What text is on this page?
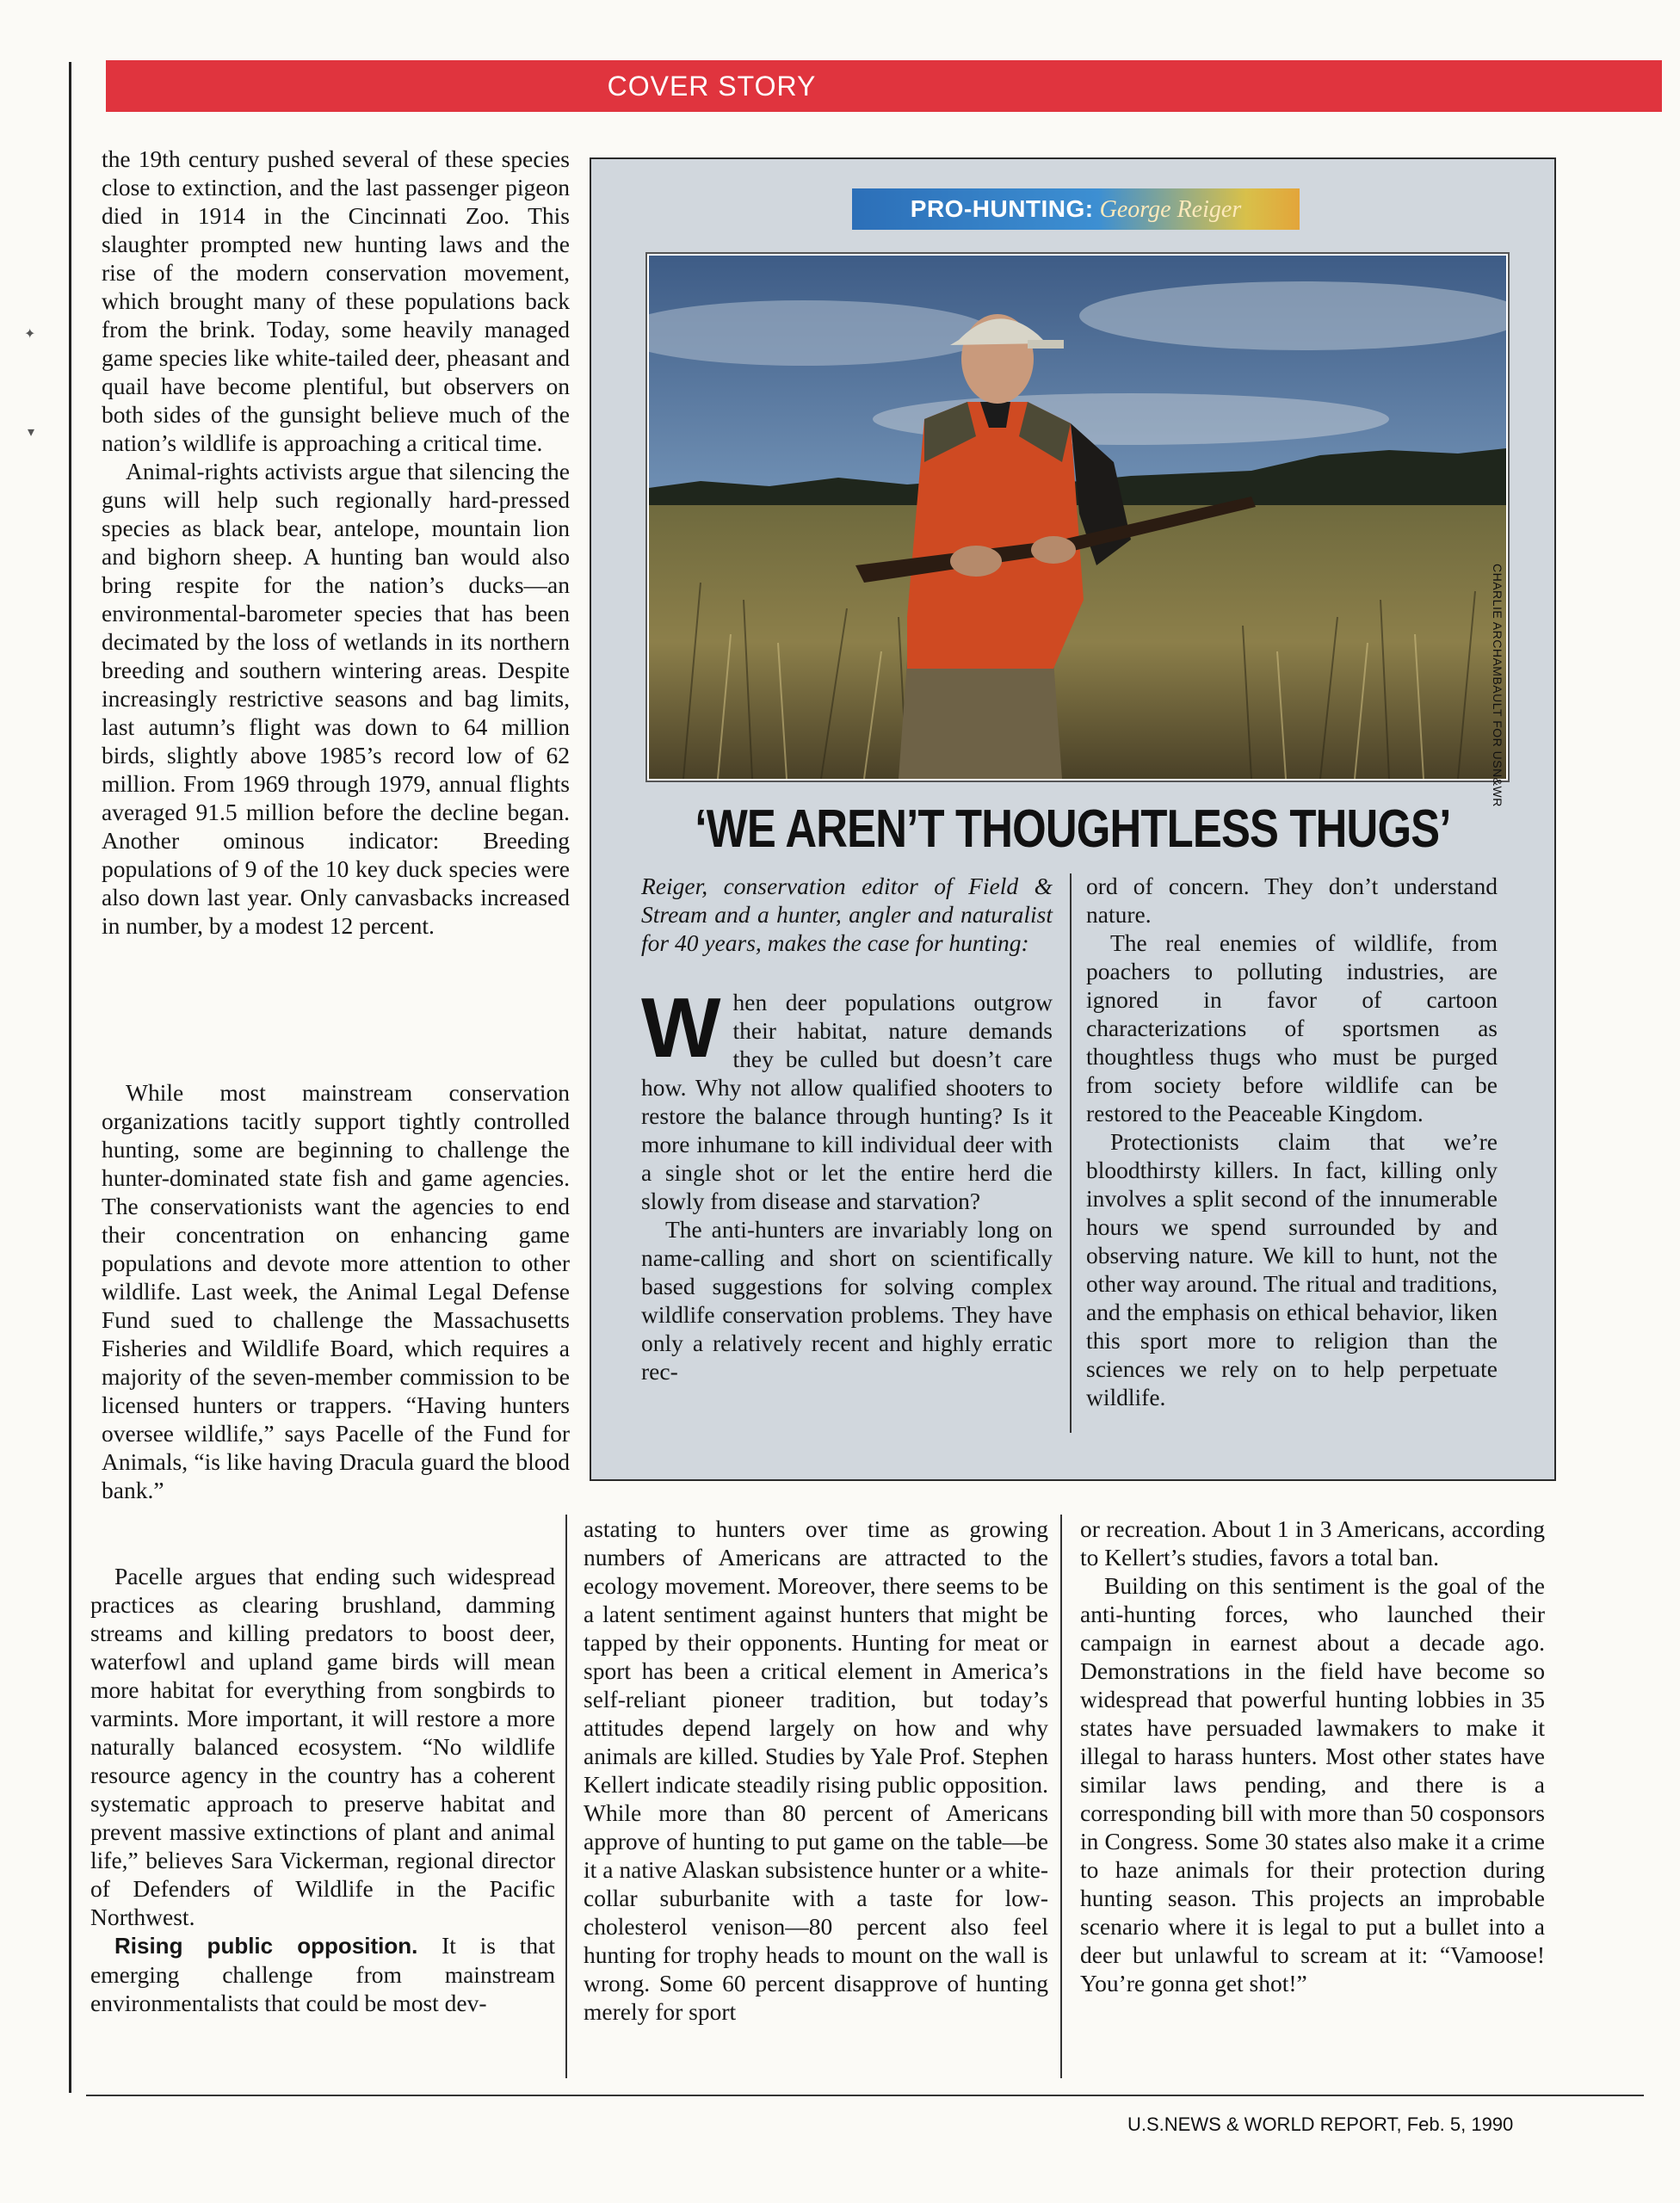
✦
▾
COVER STORY

the 19th century pushed several of these species close to extinction, and the last passenger pigeon died in 1914 in the Cincinnati Zoo. This slaughter prompted new hunting laws and the rise of the modern conservation movement, which brought many of these populations back from the brink. Today, some heavily managed game species like white-tailed deer, pheasant and quail have become plentiful, but observers on both sides of the gunsight believe much of the nation’s wildlife is approaching a critical time.

Animal-rights activists argue that silencing the guns will help such regionally hard-pressed species as black bear, antelope, mountain lion and bighorn sheep. A hunting ban would also bring respite for the nation’s ducks—an environmental-barometer species that has been decimated by the loss of wetlands in its northern breeding and southern wintering areas. Despite increasingly restrictive seasons and bag limits, last autumn’s flight was down to 64 million birds, slightly above 1985’s record low of 62 million. From 1969 through 1979, annual flights averaged 91.5 million before the decline began. Another ominous indicator: Breeding populations of 9 of the 10 key duck species were also down last year. Only canvasbacks increased in number, by a modest 12 percent.

While most mainstream conservation organizations tacitly support tightly controlled hunting, some are beginning to challenge the hunter-dominated state fish and game agencies. The conservationists want the agencies to end their concentration on enhancing game populations and devote more attention to other wildlife. Last week, the Animal Legal Defense Fund sued to challenge the Massachusetts Fisheries and Wildlife Board, which requires a majority of the seven-member commission to be licensed hunters or trappers. “Having hunters oversee wildlife,” says Pacelle of the Fund for Animals, “is like having Dracula guard the blood bank.”

Pacelle argues that ending such widespread practices as clearing brushland, damming streams and killing predators to boost deer, waterfowl and upland game birds will mean more habitat for everything from songbirds to varmints. More important, it will restore a more naturally balanced ecosystem. “No wildlife resource agency in the country has a coherent systematic approach to preserve habitat and prevent massive extinctions of plant and animal life,” believes Sara Vickerman, regional director of Defenders of Wildlife in the Pacific Northwest.

Rising public opposition. It is that emerging challenge from mainstream environmentalists that could be most dev-

PRO-HUNTING: George Reiger
CHARLIE ARCHAMBAULT FOR USN&WR
‘WE AREN’T THOUGHTLESS THUGS’

Reiger, conservation editor of Field & Stream and a hunter, angler and naturalist for 40 years, makes the case for hunting:

When deer populations outgrow their habitat, nature demands they be culled but doesn’t care how. Why not allow qualified shooters to restore the balance through hunting? Is it more inhumane to kill individual deer with a single shot or let the entire herd die slowly from disease and starvation?

The anti-hunters are invariably long on name-calling and short on scientifically based suggestions for solving complex wildlife conservation problems. They have only a relatively recent and highly erratic rec-

ord of concern. They don’t understand nature.

The real enemies of wildlife, from poachers to polluting industries, are ignored in favor of cartoon characterizations of sportsmen as thoughtless thugs who must be purged from society before wildlife can be restored to the Peaceable Kingdom.

Protectionists claim that we’re bloodthirsty killers. In fact, killing only involves a split second of the innumerable hours we spend surrounded by and observing nature. We kill to hunt, not the other way around. The ritual and traditions, and the emphasis on ethical behavior, liken this sport more to religion than the sciences we rely on to help perpetuate wildlife.

astating to hunters over time as growing numbers of Americans are attracted to the ecology movement. Moreover, there seems to be a latent sentiment against hunters that might be tapped by their opponents. Hunting for meat or sport has been a critical element in America’s self-reliant pioneer tradition, but today’s attitudes depend largely on how and why animals are killed. Studies by Yale Prof. Stephen Kellert indicate steadily rising public opposition. While more than 80 percent of Americans approve of hunting to put game on the table—be it a native Alaskan subsistence hunter or a white-collar suburbanite with a taste for low-cholesterol venison—80 percent also feel hunting for trophy heads to mount on the wall is wrong. Some 60 percent disapprove of hunting merely for sport

or recreation. About 1 in 3 Americans, according to Kellert’s studies, favors a total ban.

Building on this sentiment is the goal of the anti-hunting forces, who launched their campaign in earnest about a decade ago. Demonstrations in the field have become so widespread that powerful hunting lobbies in 35 states have persuaded lawmakers to make it illegal to harass hunters. Most other states have similar laws pending, and there is a corresponding bill with more than 50 cosponsors in Congress. Some 30 states also make it a crime to haze animals for their protection during hunting season. This projects an improbable scenario where it is legal to put a bullet into a deer but unlawful to scream at it: “Vamoose! You’re gonna get shot!”

U.S.NEWS & WORLD REPORT, Feb. 5, 1990
